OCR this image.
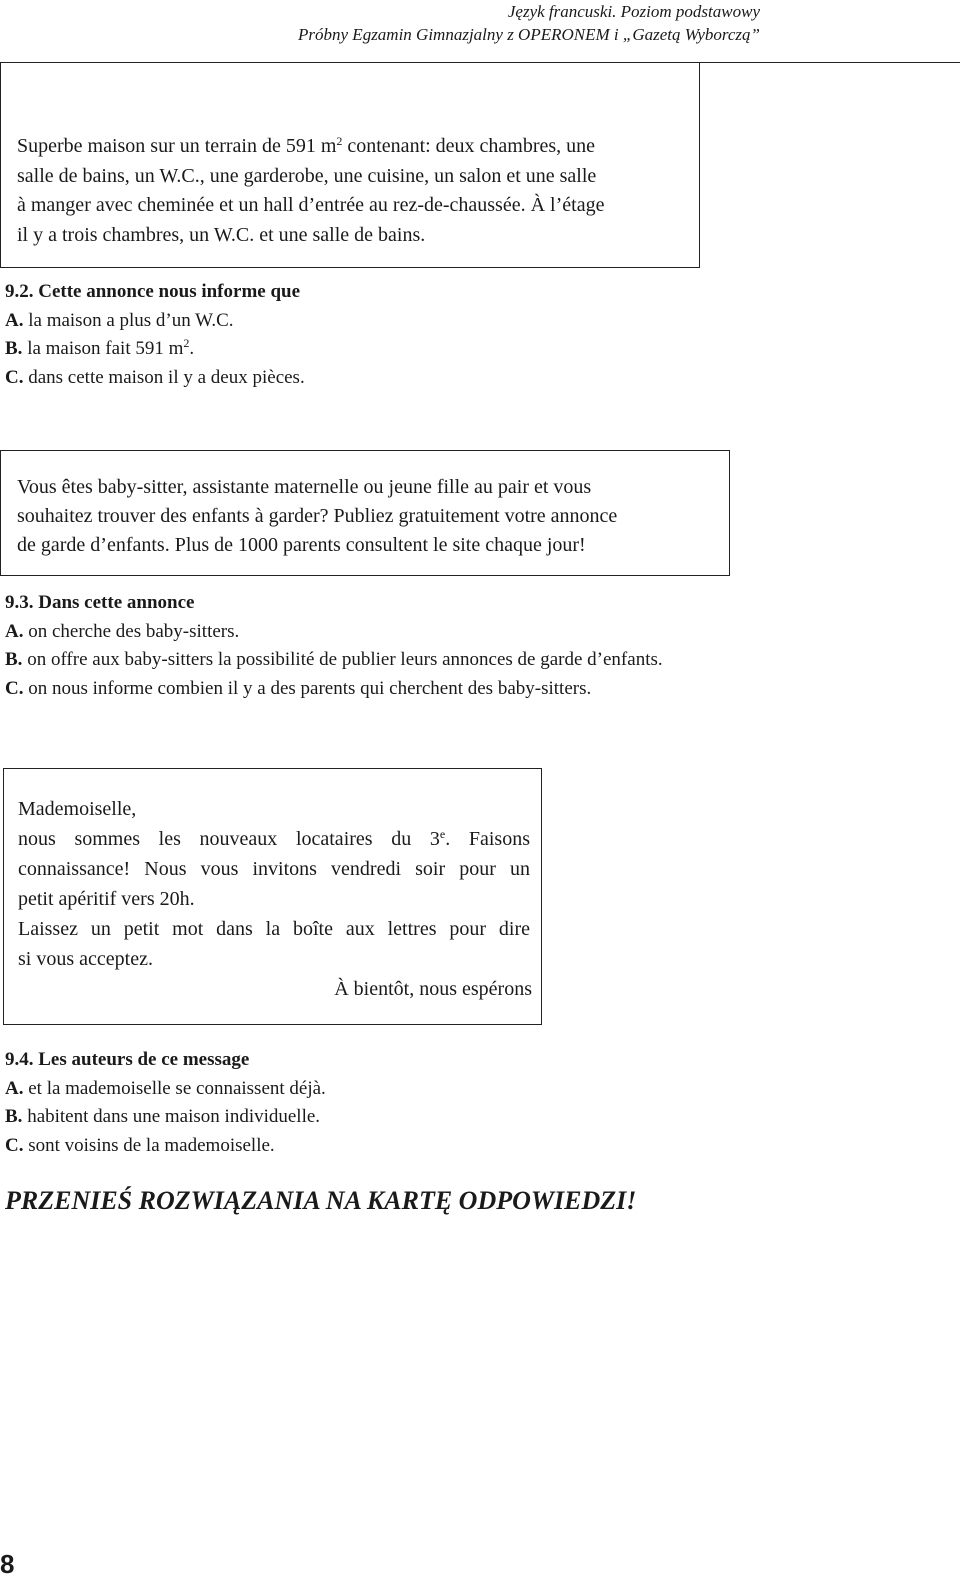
Język francuski. Poziom podstawowy
Próbny Egzamin Gimnazjalny z OPERONEM i „Gazetą Wyborczą”
Superbe maison sur un terrain de 591 $m^2$ contenant: deux chambres, une
salle de bains, un W.C., une garderobe, une cuisine, un salon et une salle
à manger avec cheminée et un hall d’entrée au rez-de-chaussée. À l’étage
il y a trois chambres, un W.C. et une salle de bains.
9.2. Cette annonce nous informe que
A. la maison a plus d’un W.C.
B. la maison fait 591 $m^2$.
C. dans cette maison il y a deux pièces.
Vous êtes baby-sitter, assistante maternelle ou jeune fille au pair et vous
souhaitez trouver des enfants à garder? Publiez gratuitement votre annonce
de garde d’enfants. Plus de 1000 parents consultent le site chaque jour!
9.3. Dans cette annonce
A. on cherche des baby-sitters.
B. on offre aux baby-sitters la possibilité de publier leurs annonces de garde d’enfants.
C. on nous informe combien il y a des parents qui cherchent des baby-sitters.
Mademoiselle,
nous sommes les nouveaux locataires du 3e. Faisons
connaissance! Nous vous invitons vendredi soir pour un
petit apéritif vers 20h.
Laissez un petit mot dans la boîte aux lettres pour dire
si vous acceptez.
À bientôt, nous espérons
9.4. Les auteurs de ce message
A. et la mademoiselle se connaissent déjà.
B. habitent dans une maison individuelle.
C. sont voisins de la mademoiselle.
PRZENIEŚ ROZWIĄZANIA NA KARTĘ ODPOWIEDZI!
8
